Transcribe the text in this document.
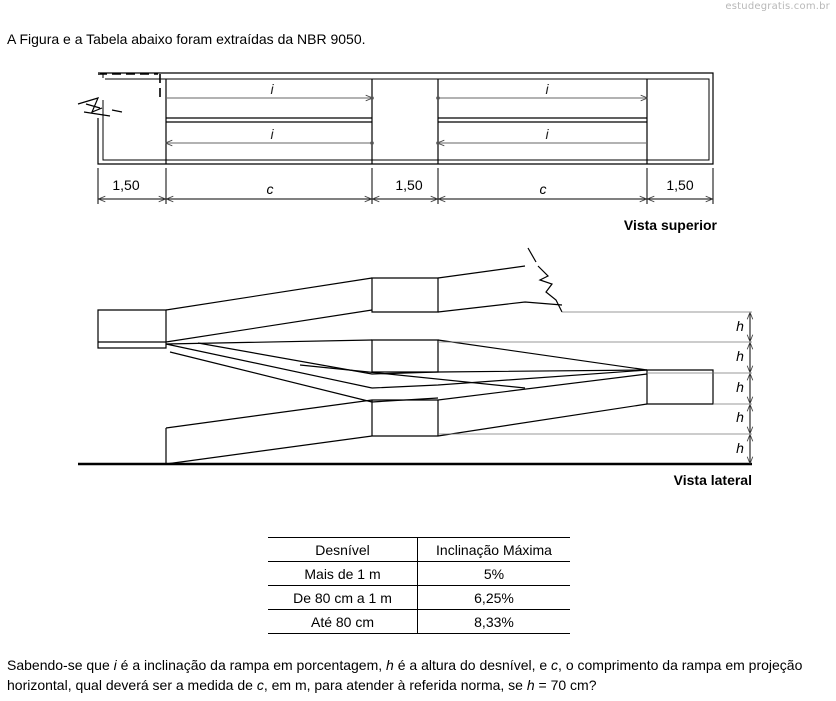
estudegratis.com.br
A Figura e a Tabela abaixo foram extraídas da NBR 9050.
i	i
i	i
1,50	c	1,50	c	1,50
Vista superior
h
h
h
h
h
Vista lateral
Desnível	Inclinação Máxima
Mais de 1 m	5%
De 80 cm a 1 m	6,25%
Até 80 cm	8,33%
Sabendo-se que i é a inclinação da rampa em porcentagem, h é a altura do desnível, e c, o comprimento da rampa em projeção horizontal, qual deverá ser a medida de c, em m, para atender à referida norma, se h = 70 cm?
